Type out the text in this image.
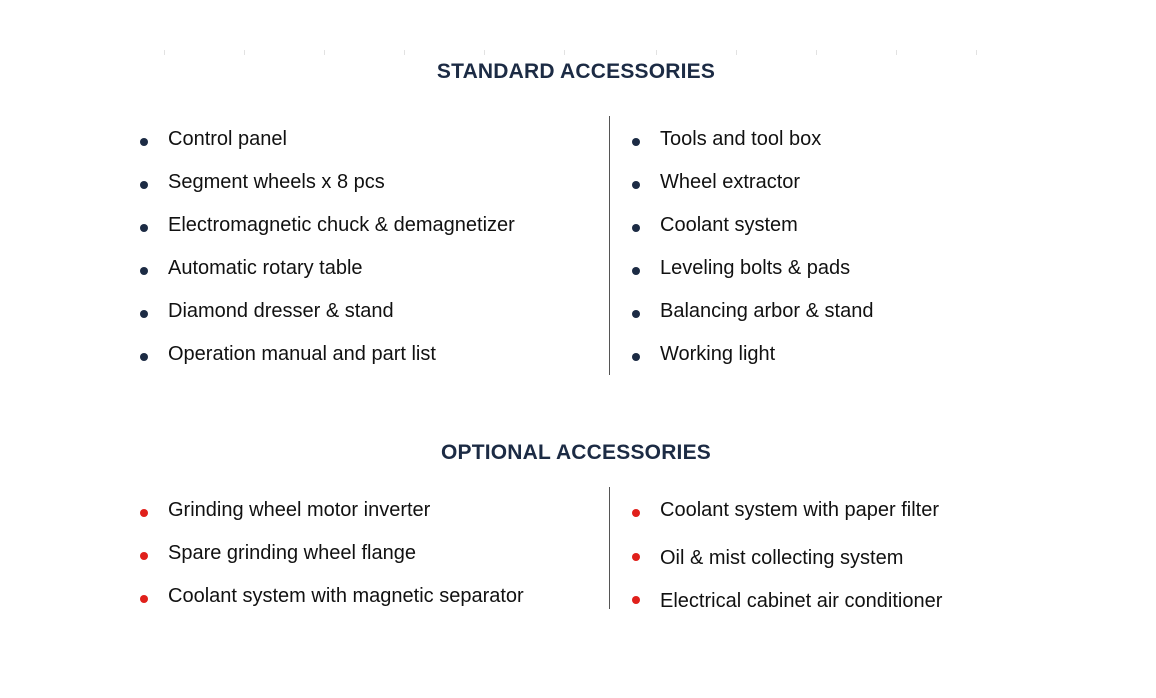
STANDARD ACCESSORIES
Control panel
Segment wheels x 8 pcs
Electromagnetic chuck & demagnetizer
Automatic rotary table
Diamond dresser & stand
Operation manual and part list
Tools and tool box
Wheel extractor
Coolant system
Leveling bolts & pads
Balancing arbor & stand
Working light
OPTIONAL ACCESSORIES
Grinding wheel motor inverter
Spare grinding wheel flange
Coolant system with magnetic separator
Coolant system with paper filter
Oil & mist collecting system
Electrical cabinet air conditioner
